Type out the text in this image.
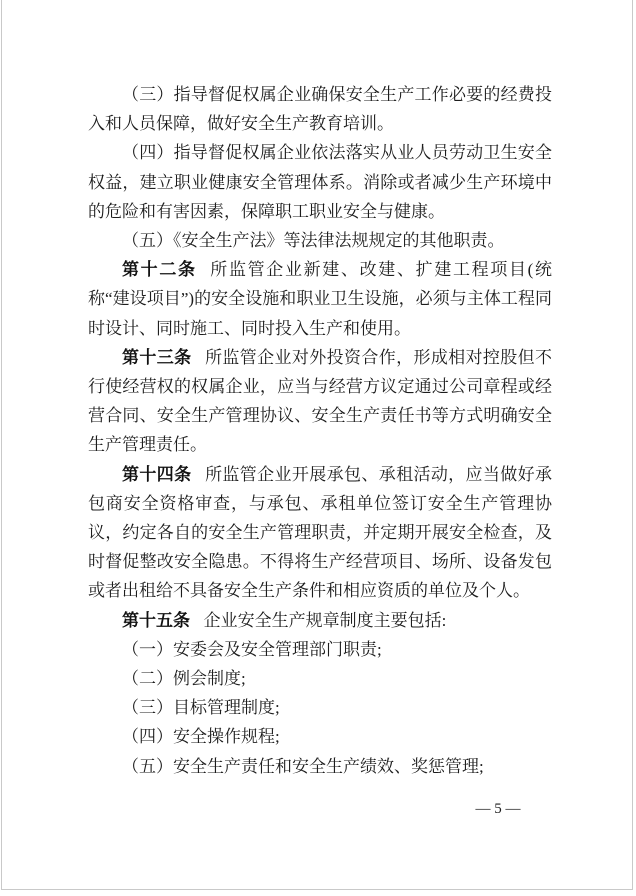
（三）指导督促权属企业确保安全生产工作必要的经费投入和人员保障，做好安全生产教育培训。

（四）指导督促权属企业依法落实从业人员劳动卫生安全权益，建立职业健康安全管理体系。消除或者减少生产环境中的危险和有害因素，保障职工职业安全与健康。

（五）《安全生产法》等法律法规规定的其他职责。

第十二条 所监管企业新建、改建、扩建工程项目(统称“建设项目”)的安全设施和职业卫生设施，必须与主体工程同时设计、同时施工、同时投入生产和使用。

第十三条 所监管企业对外投资合作，形成相对控股但不行使经营权的权属企业，应当与经营方议定通过公司章程或经营合同、安全生产管理协议、安全生产责任书等方式明确安全生产管理责任。

第十四条 所监管企业开展承包、承租活动，应当做好承包商安全资格审查，与承包、承租单位签订安全生产管理协议，约定各自的安全生产管理职责，并定期开展安全检查，及时督促整改安全隐患。不得将生产经营项目、场所、设备发包或者出租给不具备安全生产条件和相应资质的单位及个人。

第十五条 企业安全生产规章制度主要包括:

（一）安委会及安全管理部门职责;

（二）例会制度;

（三）目标管理制度;

（四）安全操作规程;

（五）安全生产责任和安全生产绩效、奖惩管理;

— 5 —
